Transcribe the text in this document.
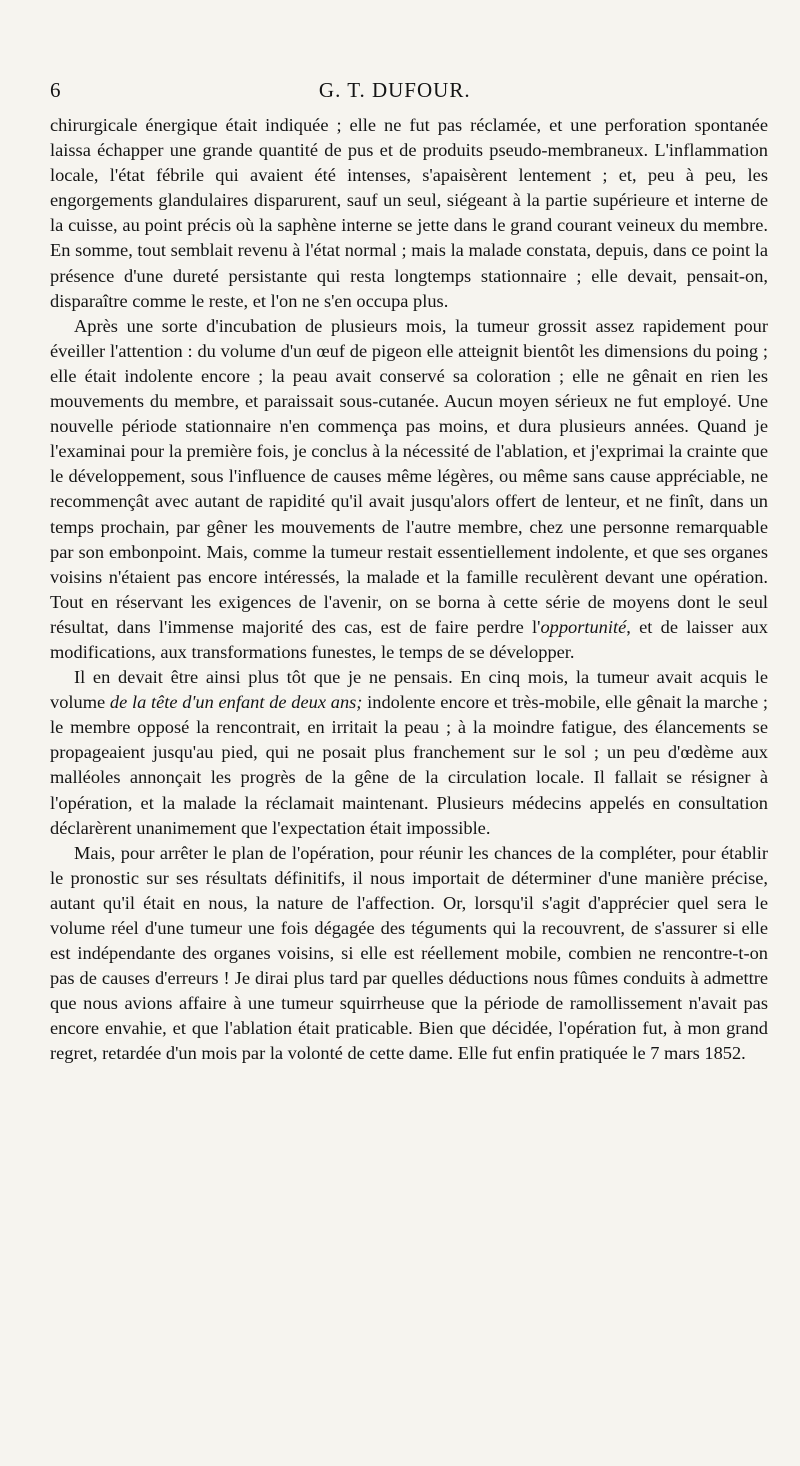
6	G. T. DUFOUR.

chirurgicale énergique était indiquée ; elle ne fut pas réclamée, et une perforation spontanée laissa échapper une grande quantité de pus et de produits pseudo-membraneux. L'inflammation locale, l'état fébrile qui avaient été intenses, s'apaisèrent lentement ; et, peu à peu, les engorgements glandulaires disparurent, sauf un seul, siégeant à la partie supérieure et interne de la cuisse, au point précis où la saphène interne se jette dans le grand courant veineux du membre. En somme, tout semblait revenu à l'état normal ; mais la malade constata, depuis, dans ce point la présence d'une dureté persistante qui resta longtemps stationnaire ; elle devait, pensait-on, disparaître comme le reste, et l'on ne s'en occupa plus.

Après une sorte d'incubation de plusieurs mois, la tumeur grossit assez rapidement pour éveiller l'attention : du volume d'un œuf de pigeon elle atteignit bientôt les dimensions du poing ; elle était indolente encore ; la peau avait conservé sa coloration ; elle ne gênait en rien les mouvements du membre, et paraissait sous-cutanée. Aucun moyen sérieux ne fut employé. Une nouvelle période stationnaire n'en commença pas moins, et dura plusieurs années. Quand je l'examinai pour la première fois, je conclus à la nécessité de l'ablation, et j'exprimai la crainte que le développement, sous l'influence de causes même légères, ou même sans cause appréciable, ne recommençât avec autant de rapidité qu'il avait jusqu'alors offert de lenteur, et ne finît, dans un temps prochain, par gêner les mouvements de l'autre membre, chez une personne remarquable par son embonpoint. Mais, comme la tumeur restait essentiellement indolente, et que ses organes voisins n'étaient pas encore intéressés, la malade et la famille reculèrent devant une opération. Tout en réservant les exigences de l'avenir, on se borna à cette série de moyens dont le seul résultat, dans l'immense majorité des cas, est de faire perdre l'opportunité, et de laisser aux modifications, aux transformations funestes, le temps de se développer.

Il en devait être ainsi plus tôt que je ne pensais. En cinq mois, la tumeur avait acquis le volume de la tête d'un enfant de deux ans; indolente encore et très-mobile, elle gênait la marche ; le membre opposé la rencontrait, en irritait la peau ; à la moindre fatigue, des élancements se propageaient jusqu'au pied, qui ne posait plus franchement sur le sol ; un peu d'œdème aux malléoles annonçait les progrès de la gêne de la circulation locale. Il fallait se résigner à l'opération, et la malade la réclamait maintenant. Plusieurs médecins appelés en consultation déclarèrent unanimement que l'expectation était impossible.

Mais, pour arrêter le plan de l'opération, pour réunir les chances de la compléter, pour établir le pronostic sur ses résultats définitifs, il nous importait de déterminer d'une manière précise, autant qu'il était en nous, la nature de l'affection. Or, lorsqu'il s'agit d'apprécier quel sera le volume réel d'une tumeur une fois dégagée des téguments qui la recouvrent, de s'assurer si elle est indépendante des organes voisins, si elle est réellement mobile, combien ne rencontre-t-on pas de causes d'erreurs ! Je dirai plus tard par quelles déductions nous fûmes conduits à admettre que nous avions affaire à une tumeur squirrheuse que la période de ramollissement n'avait pas encore envahie, et que l'ablation était praticable. Bien que décidée, l'opération fut, à mon grand regret, retardée d'un mois par la volonté de cette dame. Elle fut enfin pratiquée le 7 mars 1852.
